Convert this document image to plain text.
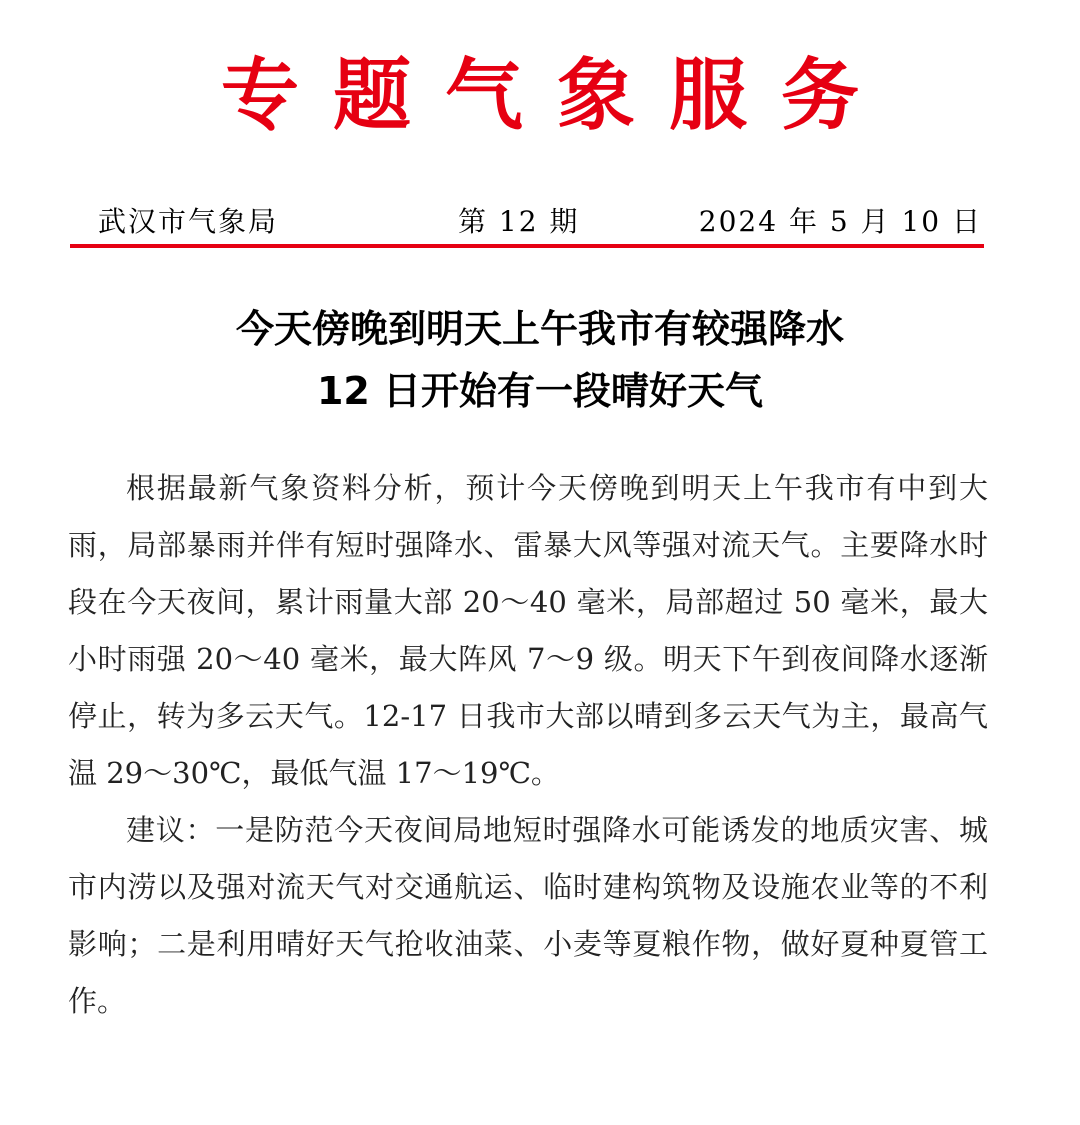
专题气象服务
武汉市气象局	第 12 期	2024 年 5 月 10 日
今天傍晚到明天上午我市有较强降水
12 日开始有一段晴好天气

根据最新气象资料分析，预计今天傍晚到明天上午我市有中到大雨，局部暴雨并伴有短时强降水、雷暴大风等强对流天气。主要降水时段在今天夜间，累计雨量大部 20～40 毫米，局部超过 50 毫米，最大小时雨强 20～40 毫米，最大阵风 7～9 级。明天下午到夜间降水逐渐停止，转为多云天气。12-17 日我市大部以晴到多云天气为主，最高气温 29～30℃，最低气温 17～19℃。

建议：一是防范今天夜间局地短时强降水可能诱发的地质灾害、城市内涝以及强对流天气对交通航运、临时建构筑物及设施农业等的不利影响；二是利用晴好天气抢收油菜、小麦等夏粮作物，做好夏种夏管工作。
